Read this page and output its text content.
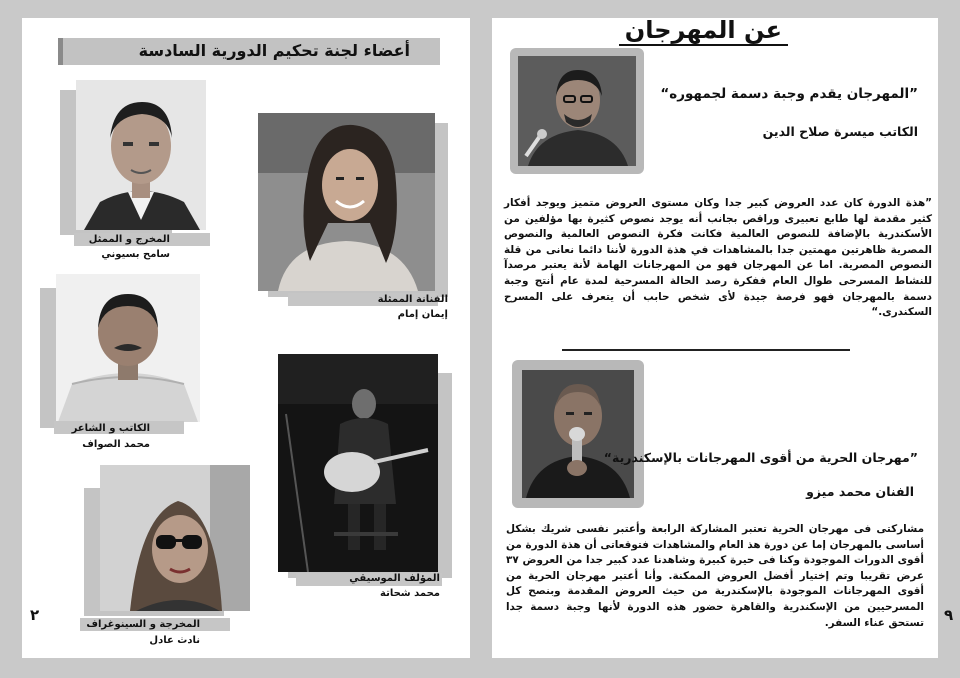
أعضاء لجنة تحكيم الدورية السادسة
المخرج و الممثل
سامح بسيوني
الفنانة الممثلة
إيمان إمام
الكاتب و الشاعر
محمد الصواف
المؤلف الموسيقي
محمد شحاتة
المخرجة و السينوغراف
نادث عادل
٢
عن المهرجان
”المهرجان يقدم وجبة دسمة لجمهوره“
الكاتب ميسرة صلاح الدين
”هذة الدورة كان عدد العروض كبير جدا وكان مستوى العروض متميز ويوجد أفكار كثير مقدمة لها طابع تعبيرى وراقص بجانب أنه يوجد نصوص كثيرة بها مؤلفين من الأسكندرية بالإضافة للنصوص العالمية فكانت فكرة النصوص العالمية والنصوص المصرية ظاهرتين مهمتين جدا بالمشاهدات في هذة الدورة لأننا دائما نعانى من قلة النصوص المصرية. اما عن المهرجان فهو من المهرجانات الهامة لأنة يعتبر مرصدآ للنشاط المسرحى طوال العام ففكرة رصد الحالة المسرحية لمدة عام أنتج وجبة دسمة بالمهرجان فهو فرصة جيدة لأى شخص حابب أن يتعرف على المسرح السكندرى.“
”مهرجان الحرية من أقوى المهرجانات بالإسكندرية“
الفنان محمد ميزو
مشاركتى فى مهرجان الحرية تعتبر المشاركة الرابعة وأعتبر نفسى شريك بشكل أساسى بالمهرجان إما عن دورة هذ العام والمشاهدات فتوقعاتى أن هذة الدورة من أقوى الدورات الموجودة وكنا فى حيرة كبيرة وشاهدنا عدد كبير جدا من العروض ٣٧ عرض تقريبا وتم إختيار أفضل العروض الممكنة. وأنا أعتبر مهرجان الحرية من أقوى المهرجانات الموجودة بالإسكندرية من حيث العروض المقدمة وبنصح كل المسرحيين من الإسكندرية والقاهرة حضور هذه الدورة لأنها وجبة دسمة جدا تستحق عناء السفر. ٩
